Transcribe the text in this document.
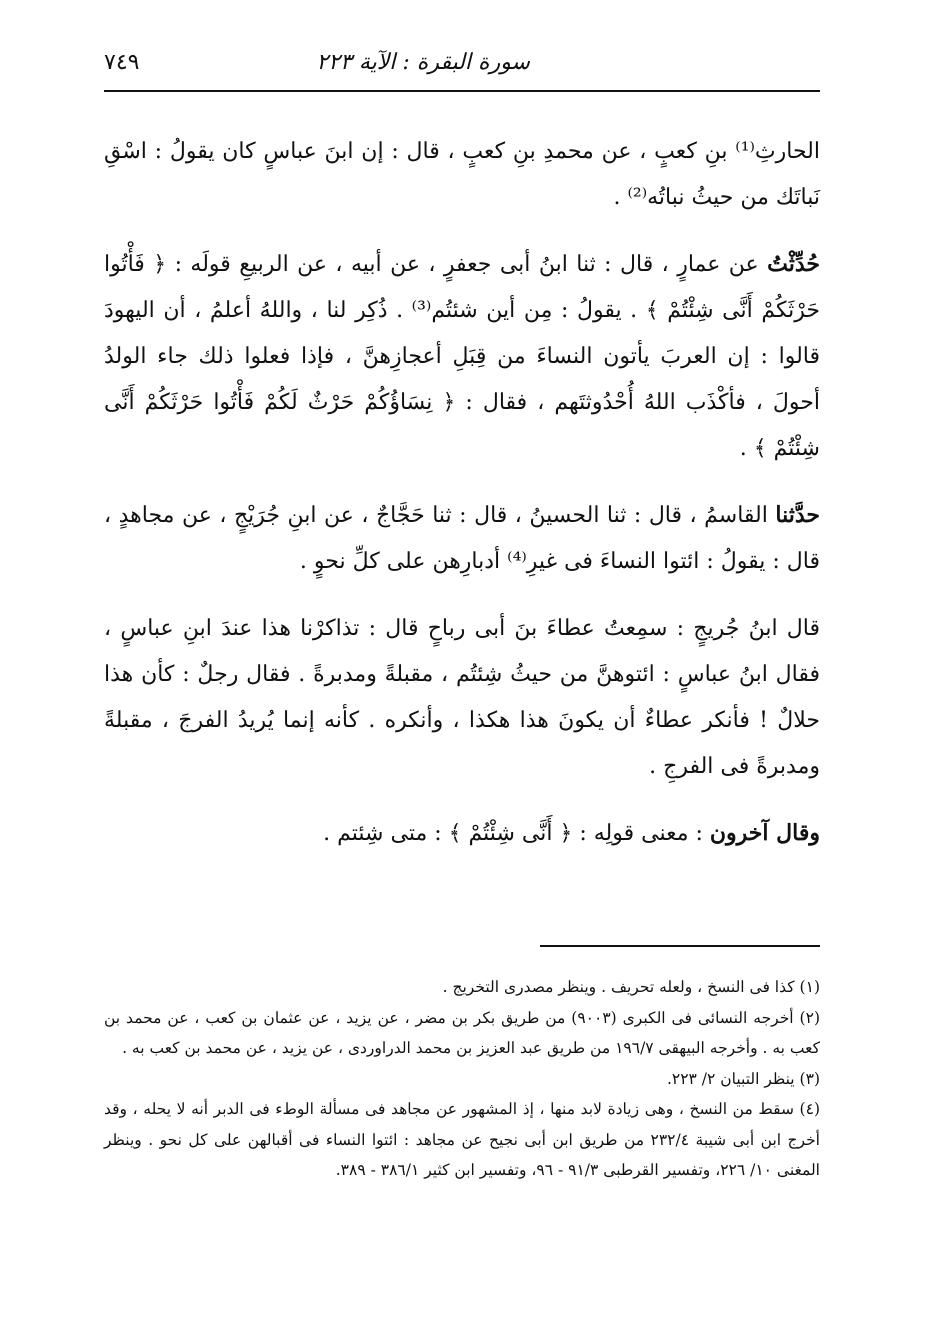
سورة البقرة : الآية ٢٢٣
٧٤٩

الحارثِ⁽¹⁾ بنِ كعبٍ ، عن محمدِ بنِ كعبٍ ، قال : إن ابنَ عباسٍ كان يقولُ : اسْقِ نَباتَك من حيثُ نباتُه⁽²⁾ .

حُدِّثْتُ عن عمارٍ ، قال : ثنا ابنُ أبى جعفرٍ ، عن أبيه ، عن الربيعِ قولَه : ﴿ فَأْتُوا حَرْثَكُمْ أَنَّى شِئْتُمْ ﴾ . يقولُ : مِن أين شئتُم⁽³⁾ . ذُكِر لنا ، واللهُ أعلمُ ، أن اليهودَ قالوا : إن العربَ يأتون النساءَ من قِبَلِ أعجازِهنَّ ، فإذا فعلوا ذلك جاء الولدُ أحولَ ، فأكْذَب اللهُ أُحْدُوثتَهم ، فقال : ﴿ نِسَاؤُكُمْ حَرْثٌ لَكُمْ فَأْتُوا حَرْثَكُمْ أَنَّى شِئْتُمْ ﴾ .

حدَّثنا القاسمُ ، قال : ثنا الحسينُ ، قال : ثنا حَجَّاجٌ ، عن ابنِ جُرَيْجٍ ، عن مجاهدٍ ، قال : يقولُ : ائتوا النساءَ فى غيرِ⁽⁴⁾ أدبارِهن على كلِّ نحوٍ .

قال ابنُ جُريجٍ : سمِعتُ عطاءَ بنَ أبى رباحٍ قال : تذاكرْنا هذا عندَ ابنِ عباسٍ ، فقال ابنُ عباسٍ : ائتوهنَّ من حيثُ شِئتُم ، مقبلةً ومدبرةً . فقال رجلٌ : كأن هذا حلالٌ ! فأنكر عطاءٌ أن يكونَ هذا هكذا ، وأنكره . كأنه إنما يُريدُ الفرجَ ، مقبلةً ومدبرةً فى الفرجِ .

وقال آخرون : معنى قولِه : ﴿ أَنَّى شِئْتُمْ ﴾ : متى شِئتم .

(١) كذا فى النسخ ، ولعله تحريف . وينظر مصدرى التخريج .

(٢) أخرجه النسائى فى الكبرى (٩٠٠٣) من طريق بكر بن مضر ، عن يزيد ، عن عثمان بن كعب ، عن محمد بن كعب به . وأخرجه البيهقى ١٩٦/٧ من طريق عبد العزيز بن محمد الدراوردى ، عن يزيد ، عن محمد بن كعب به .

(٣) ينظر التبيان ٢/ ٢٢٣.

(٤) سقط من النسخ ، وهى زيادة لابد منها ، إذ المشهور عن مجاهد فى مسألة الوطء فى الدبر أنه لا يحله ، وقد أخرج ابن أبى شيبة ٢٣٢/٤ من طريق ابن أبى نجيح عن مجاهد : ائتوا النساء فى أقبالهن على كل نحو . وينظر المغنى ١٠/ ٢٢٦، وتفسير القرطبى ٩١/٣ - ٩٦، وتفسير ابن كثير ٣٨٦/١ - ٣٨٩.
